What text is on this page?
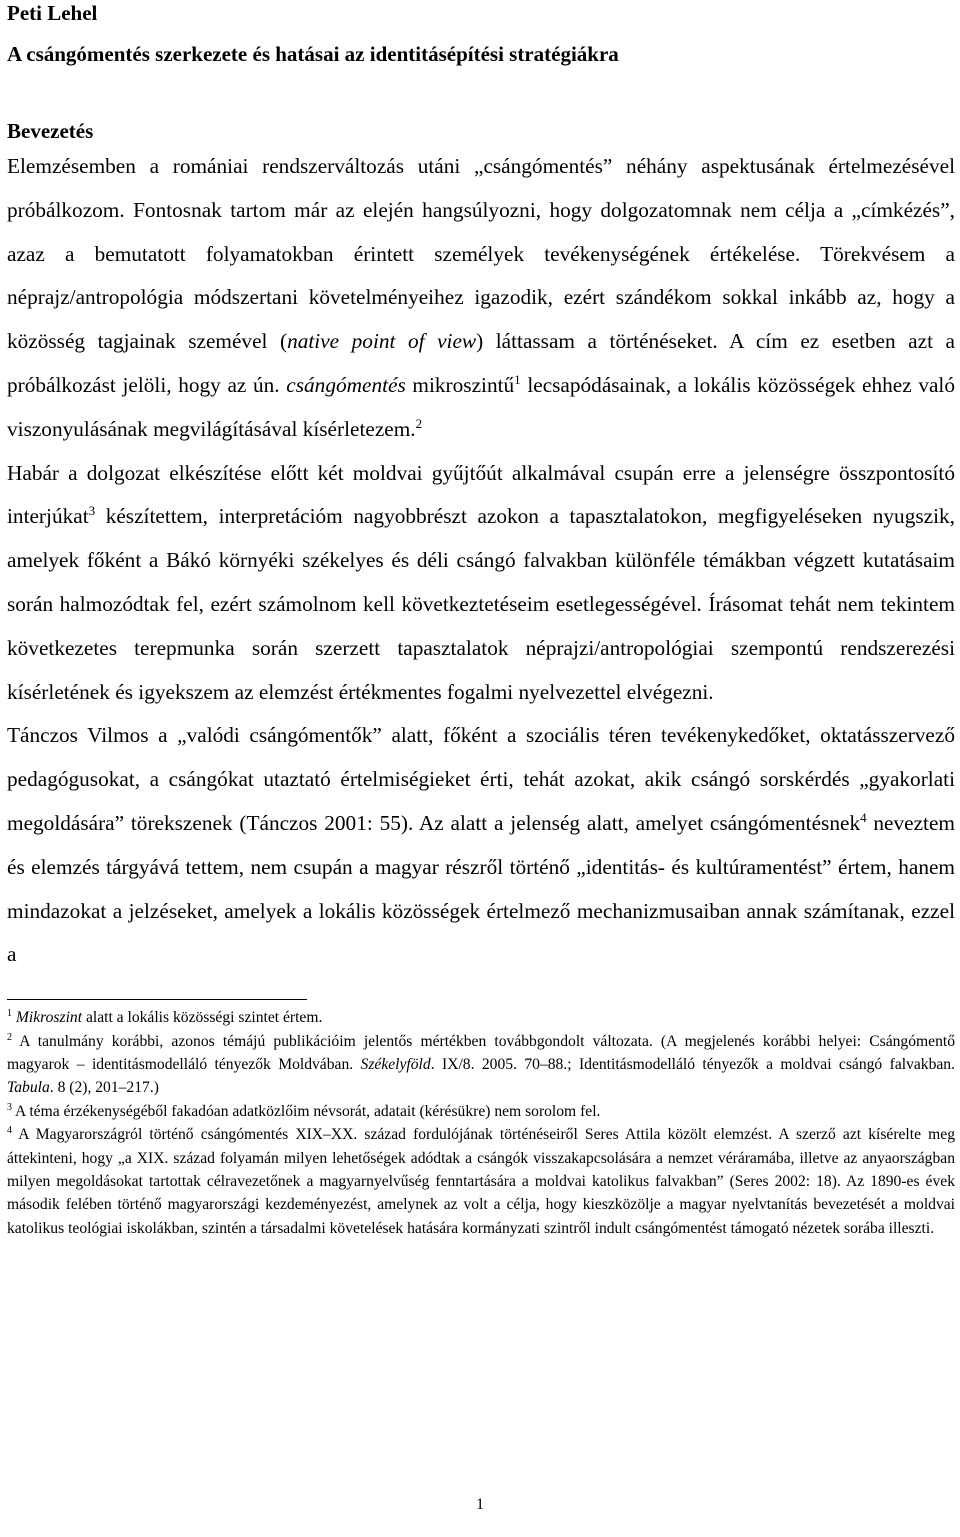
Peti Lehel
A csángómentés szerkezete és hatásai az identitásépítési stratégiákra
Bevezetés

Elemzésemben a romániai rendszerváltozás utáni „csángómentés” néhány aspektusának értelmezésével próbálkozom. Fontosnak tartom már az elején hangsúlyozni, hogy dolgozatomnak nem célja a „címkézés”, azaz a bemutatott folyamatokban érintett személyek tevékenységének értékelése. Törekvésem a néprajz/antropológia módszertani követelményeihez igazodik, ezért szándékom sokkal inkább az, hogy a közösség tagjainak szemével (native point of view) láttassam a történéseket. A cím ez esetben azt a próbálkozást jelöli, hogy az ún. csángómentés mikroszintű$^1$ lecsapódásainak, a lokális közösségek ehhez való viszonyulásának megvilágításával kísérletezem.$^2$

Habár a dolgozat elkészítése előtt két moldvai gyűjtőút alkalmával csupán erre a jelenségre összpontosító interjúkat$^3$ készítettem, interpretációm nagyobbrészt azokon a tapasztalatokon, megfigyeléseken nyugszik, amelyek főként a Bákó környéki székelyes és déli csángó falvakban különféle témákban végzett kutatásaim során halmozódtak fel, ezért számolnom kell következtetéseim esetlegességével. Írásomat tehát nem tekintem következetes terepmunka során szerzett tapasztalatok néprajzi/antropológiai szempontú rendszerezési kísérletének és igyekszem az elemzést értékmentes fogalmi nyelvezettel elvégezni.

Tánczos Vilmos a „valódi csángómentők” alatt, főként a szociális téren tevékenykedőket, oktatásszervező pedagógusokat, a csángókat utaztató értelmiségieket érti, tehát azokat, akik csángó sorskérdés „gyakorlati megoldására” törekszenek (Tánczos 2001: 55). Az alatt a jelenség alatt, amelyet csángómentésnek$^4$ neveztem és elemzés tárgyává tettem, nem csupán a magyar részről történő „identitás- és kultúramentést” értem, hanem mindazokat a jelzéseket, amelyek a lokális közösségek értelmező mechanizmusaiban annak számítanak, ezzel a

$^1$ Mikroszint alatt a lokális közösségi szintet értem.

$^2$ A tanulmány korábbi, azonos témájú publikációim jelentős mértékben továbbgondolt változata. (A megjelenés korábbi helyei: Csángómentő magyarok – identitásmodelláló tényezők Moldvában. Székelyföld. IX/8. 2005. 70–88.; Identitásmodelláló tényezők a moldvai csángó falvakban. Tabula. 8 (2), 201–217.)

$^3$ A téma érzékenységéből fakadóan adatközlőim névsorát, adatait (kérésükre) nem sorolom fel.

$^4$ A Magyarországról történő csángómentés XIX–XX. század fordulójának történéseiről Seres Attila közölt elemzést. A szerző azt kísérelte meg áttekinteni, hogy „a XIX. század folyamán milyen lehetőségek adódtak a csángók visszakapcsolására a nemzet véráramába, illetve az anyaországban milyen megoldásokat tartottak célravezetőnek a magyarnyelvűség fenntartására a moldvai katolikus falvakban” (Seres 2002: 18). Az 1890-es évek második felében történő magyarországi kezdeményezést, amelynek az volt a célja, hogy kieszközölje a magyar nyelvtanítás bevezetését a moldvai katolikus teológiai iskolákban, szintén a társadalmi követelések hatására kormányzati szintről indult csángómentést támogató nézetek sorába illeszti.

1
